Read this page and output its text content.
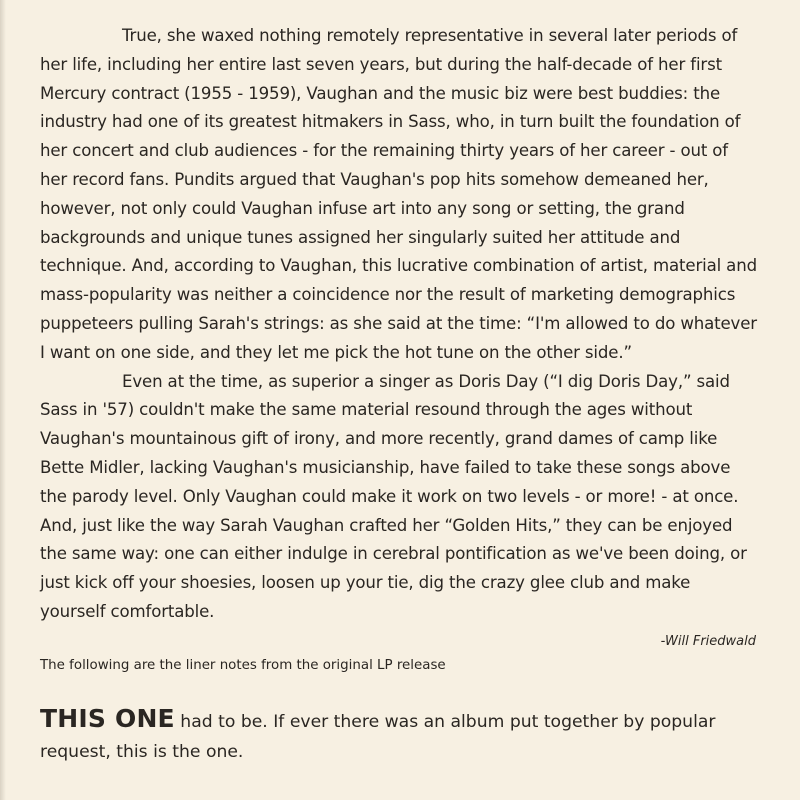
True, she waxed nothing remotely representative in several later periods of her life, including her entire last seven years, but during the half-decade of her first Mercury contract (1955 - 1959), Vaughan and the music biz were best buddies: the industry had one of its greatest hitmakers in Sass, who, in turn built the foundation of her concert and club audiences - for the remaining thirty years of her career - out of her record fans. Pundits argued that Vaughan's pop hits somehow demeaned her, however, not only could Vaughan infuse art into any song or setting, the grand backgrounds and unique tunes assigned her singularly suited her attitude and technique. And, according to Vaughan, this lucrative combination of artist, material and mass-popularity was neither a coincidence nor the result of marketing demographics puppeteers pulling Sarah's strings: as she said at the time: “I'm allowed to do whatever I want on one side, and they let me pick the hot tune on the other side.”

Even at the time, as superior a singer as Doris Day (“I dig Doris Day,” said Sass in '57) couldn't make the same material resound through the ages without Vaughan's mountainous gift of irony, and more recently, grand dames of camp like Bette Midler, lacking Vaughan's musicianship, have failed to take these songs above the parody level. Only Vaughan could make it work on two levels - or more! - at once. And, just like the way Sarah Vaughan crafted her “Golden Hits,” they can be enjoyed the same way: one can either indulge in cerebral pontification as we've been doing, or just kick off your shoesies, loosen up your tie, dig the crazy glee club and make yourself comfortable.

-Will Friedwald
The following are the liner notes from the original LP release
THIS ONE had to be. If ever there was an album put together by popular request, this is the one.
